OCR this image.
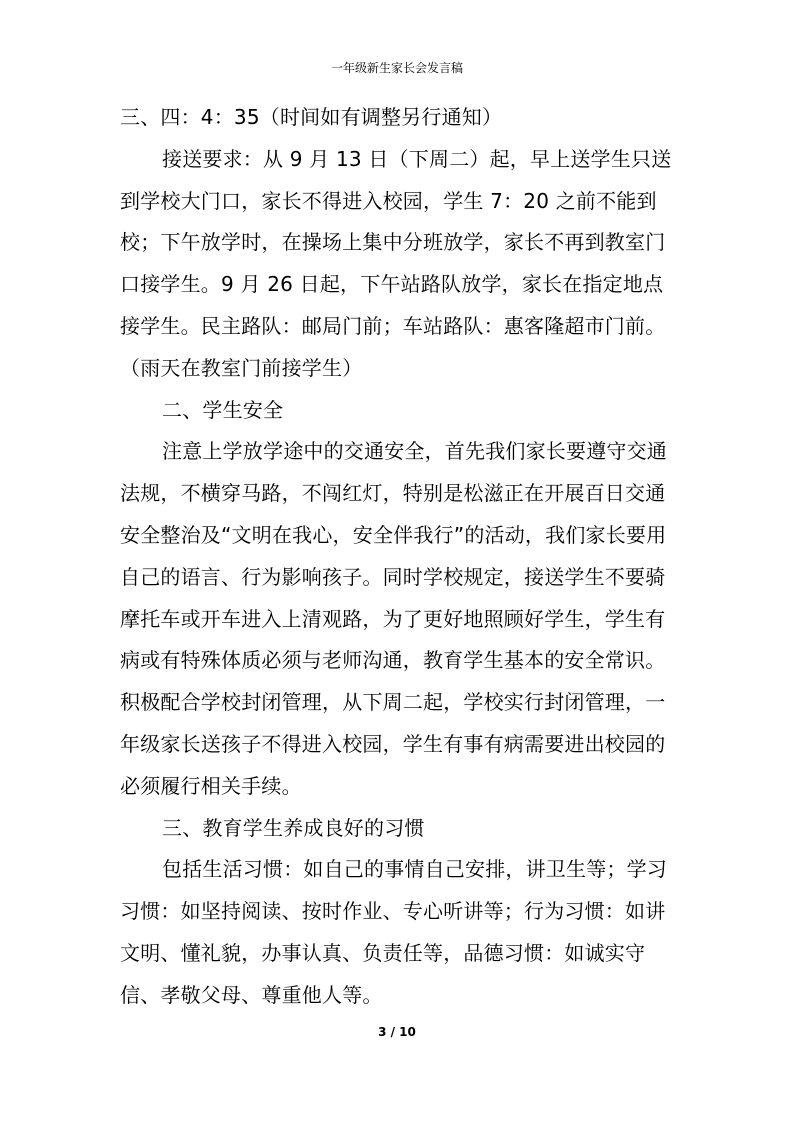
一年级新生家长会发言稿

三、四：4：35（时间如有调整另行通知）

接送要求：从 9 月 13 日（下周二）起，早上送学生只送到学校大门口，家长不得进入校园，学生 7：20 之前不能到校；下午放学时，在操场上集中分班放学，家长不再到教室门口接学生。9 月 26 日起，下午站路队放学，家长在指定地点接学生。民主路队：邮局门前；车站路队：惠客隆超市门前。（雨天在教室门前接学生）

二、学生安全

注意上学放学途中的交通安全，首先我们家长要遵守交通法规，不横穿马路，不闯红灯，特别是松滋正在开展百日交通安全整治及“文明在我心，安全伴我行”的活动，我们家长要用自己的语言、行为影响孩子。同时学校规定，接送学生不要骑摩托车或开车进入上清观路，为了更好地照顾好学生，学生有病或有特殊体质必须与老师沟通，教育学生基本的安全常识。积极配合学校封闭管理，从下周二起，学校实行封闭管理，一年级家长送孩子不得进入校园，学生有事有病需要进出校园的必须履行相关手续。

三、教育学生养成良好的习惯

包括生活习惯：如自己的事情自己安排，讲卫生等；学习习惯：如坚持阅读、按时作业、专心听讲等；行为习惯：如讲文明、懂礼貌，办事认真、负责任等，品德习惯：如诚实守信、孝敬父母、尊重他人等。

3 / 10
